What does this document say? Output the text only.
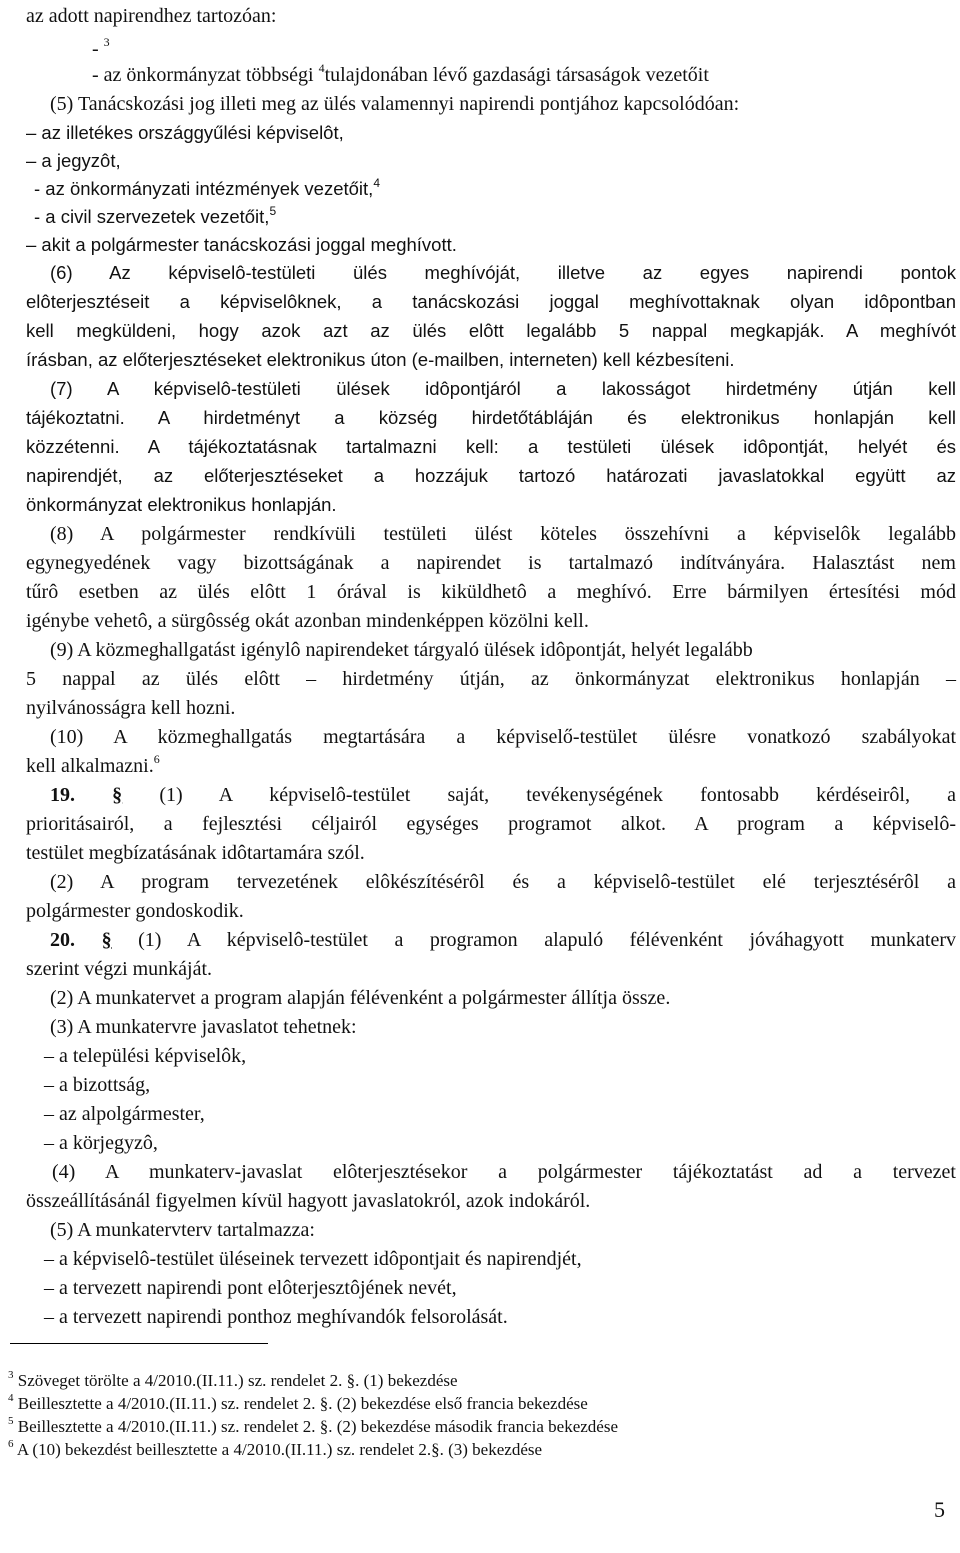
az adott napirendhez tartozóan:
- $^3$
- az önkormányzat többségi $^4$tulajdonában lévő gazdasági társaságok vezetőit
(5) Tanácskozási jog illeti meg az ülés valamennyi napirendi pontjához kapcsolódóan:
– az illetékes országgyűlési képviselôt,
– a jegyzôt,
- az önkormányzati intézmények vezetőit,$^4$
- a civil szervezetek vezetőit,$^5$
– akit a polgármester tanácskozási joggal meghívott.
(6) Az képviselô-testületi ülés meghívóját, illetve az egyes napirendi pontok
elôterjesztéseit a képviselôknek, a tanácskozási joggal meghívottaknak olyan idôpontban
kell megküldeni, hogy azok azt az ülés elôtt legalább 5 nappal megkapják. A meghívót
írásban, az előterjesztéseket elektronikus úton (e-mailben, interneten) kell kézbesíteni.
(7) A képviselô-testületi ülések idôpontjáról a lakosságot hirdetmény útján kell
tájékoztatni. A hirdetményt a község hirdetőtábláján és elektronikus honlapján kell
közzétenni. A tájékoztatásnak tartalmazni kell: a testületi ülések idôpontját, helyét és
napirendjét, az előterjesztéseket a hozzájuk tartozó határozati javaslatokkal együtt az
önkormányzat elektronikus honlapján.
(8) A polgármester rendkívüli testületi ülést köteles összehívni a képviselôk legalább
egynegyedének vagy bizottságának a napirendet is tartalmazó indítványára. Halasztást nem
tűrô esetben az ülés elôtt 1 órával is kiküldhetô a meghívó. Erre bármilyen értesítési mód
igénybe vehetô, a sürgôsség okát azonban mindenképpen közölni kell.
(9) A közmeghallgatást igénylô napirendeket tárgyaló ülések idôpontját, helyét legalább
5 nappal az ülés elôtt – hirdetmény útján, az önkormányzat elektronikus honlapján –
nyilvánosságra kell hozni.
(10) A közmeghallgatás megtartására a képviselő-testület ülésre vonatkozó szabályokat
kell alkalmazni.$^6$
19. § (1) A képviselô-testület saját, tevékenységének fontosabb kérdéseirôl, a
prioritásairól, a fejlesztési céljairól egységes programot alkot. A program a képviselô-
testület megbízatásának idôtartamára szól.
(2) A program tervezetének elôkészítésérôl és a képviselô-testület elé terjesztésérôl a
polgármester gondoskodik.
20. § (1) A képviselô-testület a programon alapuló félévenként jóváhagyott munkaterv
szerint végzi munkáját.
(2) A munkatervet a program alapján félévenként a polgármester állítja össze.
(3) A munkatervre javaslatot tehetnek:
– a települési képviselôk,
– a bizottság,
– az alpolgármester,
– a körjegyzô,
(4) A munkaterv-javaslat elôterjesztésekor a polgármester tájékoztatást ad a tervezet
összeállításánál figyelmen kívül hagyott javaslatokról, azok indokáról.
(5) A munkatervterv tartalmazza:
– a képviselô-testület üléseinek tervezett idôpontjait és napirendjét,
– a tervezett napirendi pont elôterjesztôjének nevét,
– a tervezett napirendi ponthoz meghívandók felsorolását.
$^3$ Szöveget törölte a 4/2010.(II.11.) sz. rendelet 2. §. (1) bekezdése
$^4$ Beillesztette a 4/2010.(II.11.) sz. rendelet 2. §. (2) bekezdése első francia bekezdése
$^5$ Beillesztette a 4/2010.(II.11.) sz. rendelet 2. §. (2) bekezdése második francia bekezdése
$^6$ A (10) bekezdést beillesztette a 4/2010.(II.11.) sz. rendelet 2.§. (3) bekezdése
5
